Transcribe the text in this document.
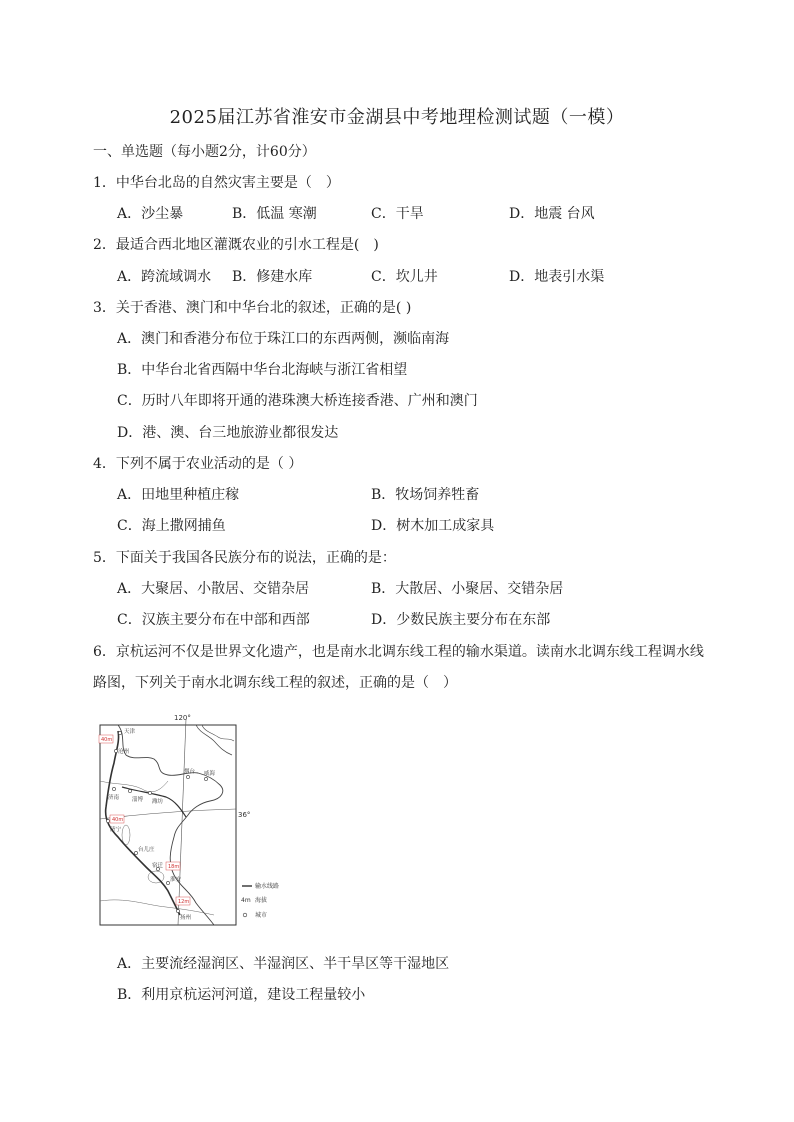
2025届江苏省淮安市金湖县中考地理检测试题（一模）
一、单选题（每小题2分，计60分）
1．中华台北岛的自然灾害主要是（　）
A．沙尘暴	B．低温 寒潮	C．干旱	D．地震 台风
2．最适合西北地区灌溉农业的引水工程是(　)
A．跨流域调水 B．修建水库	C．坎儿井	D．地表引水渠
3．关于香港、澳门和中华台北的叙述，正确的是( )
A．澳门和香港分布位于珠江口的东西两侧，濒临南海
B．中华台北省西隔中华台北海峡与浙江省相望
C．历时八年即将开通的港珠澳大桥连接香港、广州和澳门
D．港、澳、台三地旅游业都很发达
4．下列不属于农业活动的是（ ）
A．田地里种植庄稼	B．牧场饲养牲畜
C．海上撒网捕鱼	D．树木加工成家具
5．下面关于我国各民族分布的说法，正确的是：
A．大聚居、小散居、交错杂居	B．大散居、小聚居、交错杂居
C．汉族主要分布在中部和西部	D．少数民族主要分布在东部
6．京杭运河不仅是世界文化遗产，也是南水北调东线工程的输水渠道。读南水北调东线工程调水线
路图，下列关于南水北调东线工程的叙述，正确的是（　）
120°
36°
天津
沧州
济南 淄博 潍坊
烟台 威海
济宁
台儿庄
宿迁
淮安
扬州
40m
40m
18m
12m
输水线路
4m 海拔
城市
A．主要流经湿润区、半湿润区、半干旱区等干湿地区
B．利用京杭运河河道，建设工程量较小
